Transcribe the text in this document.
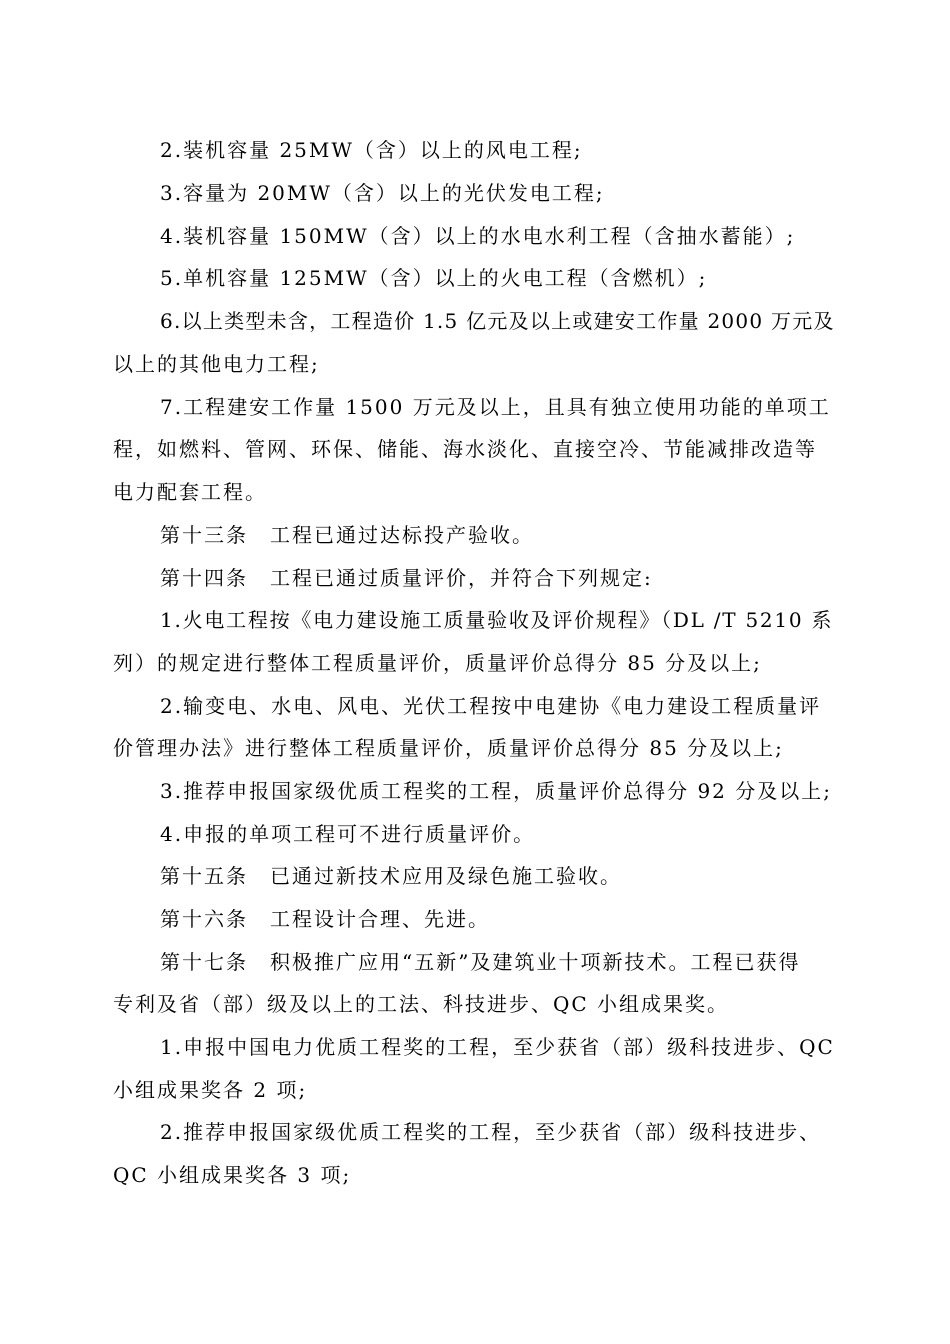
2.装机容量 25MW（含）以上的风电工程;
3.容量为 20MW（含）以上的光伏发电工程;
4.装机容量 150MW（含）以上的水电水利工程（含抽水蓄能）;
5.单机容量 125MW（含）以上的火电工程（含燃机）;
6.以上类型未含，工程造价 1.5 亿元及以上或建安工作量 2000 万元及
以上的其他电力工程;
7.工程建安工作量 1500 万元及以上，且具有独立使用功能的单项工
程，如燃料、管网、环保、储能、海水淡化、直接空冷、节能减排改造等
电力配套工程。
第十三条　工程已通过达标投产验收。
第十四条　工程已通过质量评价，并符合下列规定:
1.火电工程按《电力建设施工质量验收及评价规程》（DL /T 5210 系
列）的规定进行整体工程质量评价，质量评价总得分 85 分及以上;
2.输变电、水电、风电、光伏工程按中电建协《电力建设工程质量评
价管理办法》进行整体工程质量评价，质量评价总得分 85 分及以上;
3.推荐申报国家级优质工程奖的工程，质量评价总得分 92 分及以上;
4.申报的单项工程可不进行质量评价。
第十五条　已通过新技术应用及绿色施工验收。
第十六条　工程设计合理、先进。
第十七条　积极推广应用“五新”及建筑业十项新技术。工程已获得
专利及省（部）级及以上的工法、科技进步、QC 小组成果奖。
1.申报中国电力优质工程奖的工程，至少获省（部）级科技进步、QC
小组成果奖各 2 项;
2.推荐申报国家级优质工程奖的工程，至少获省（部）级科技进步、
QC 小组成果奖各 3 项;
